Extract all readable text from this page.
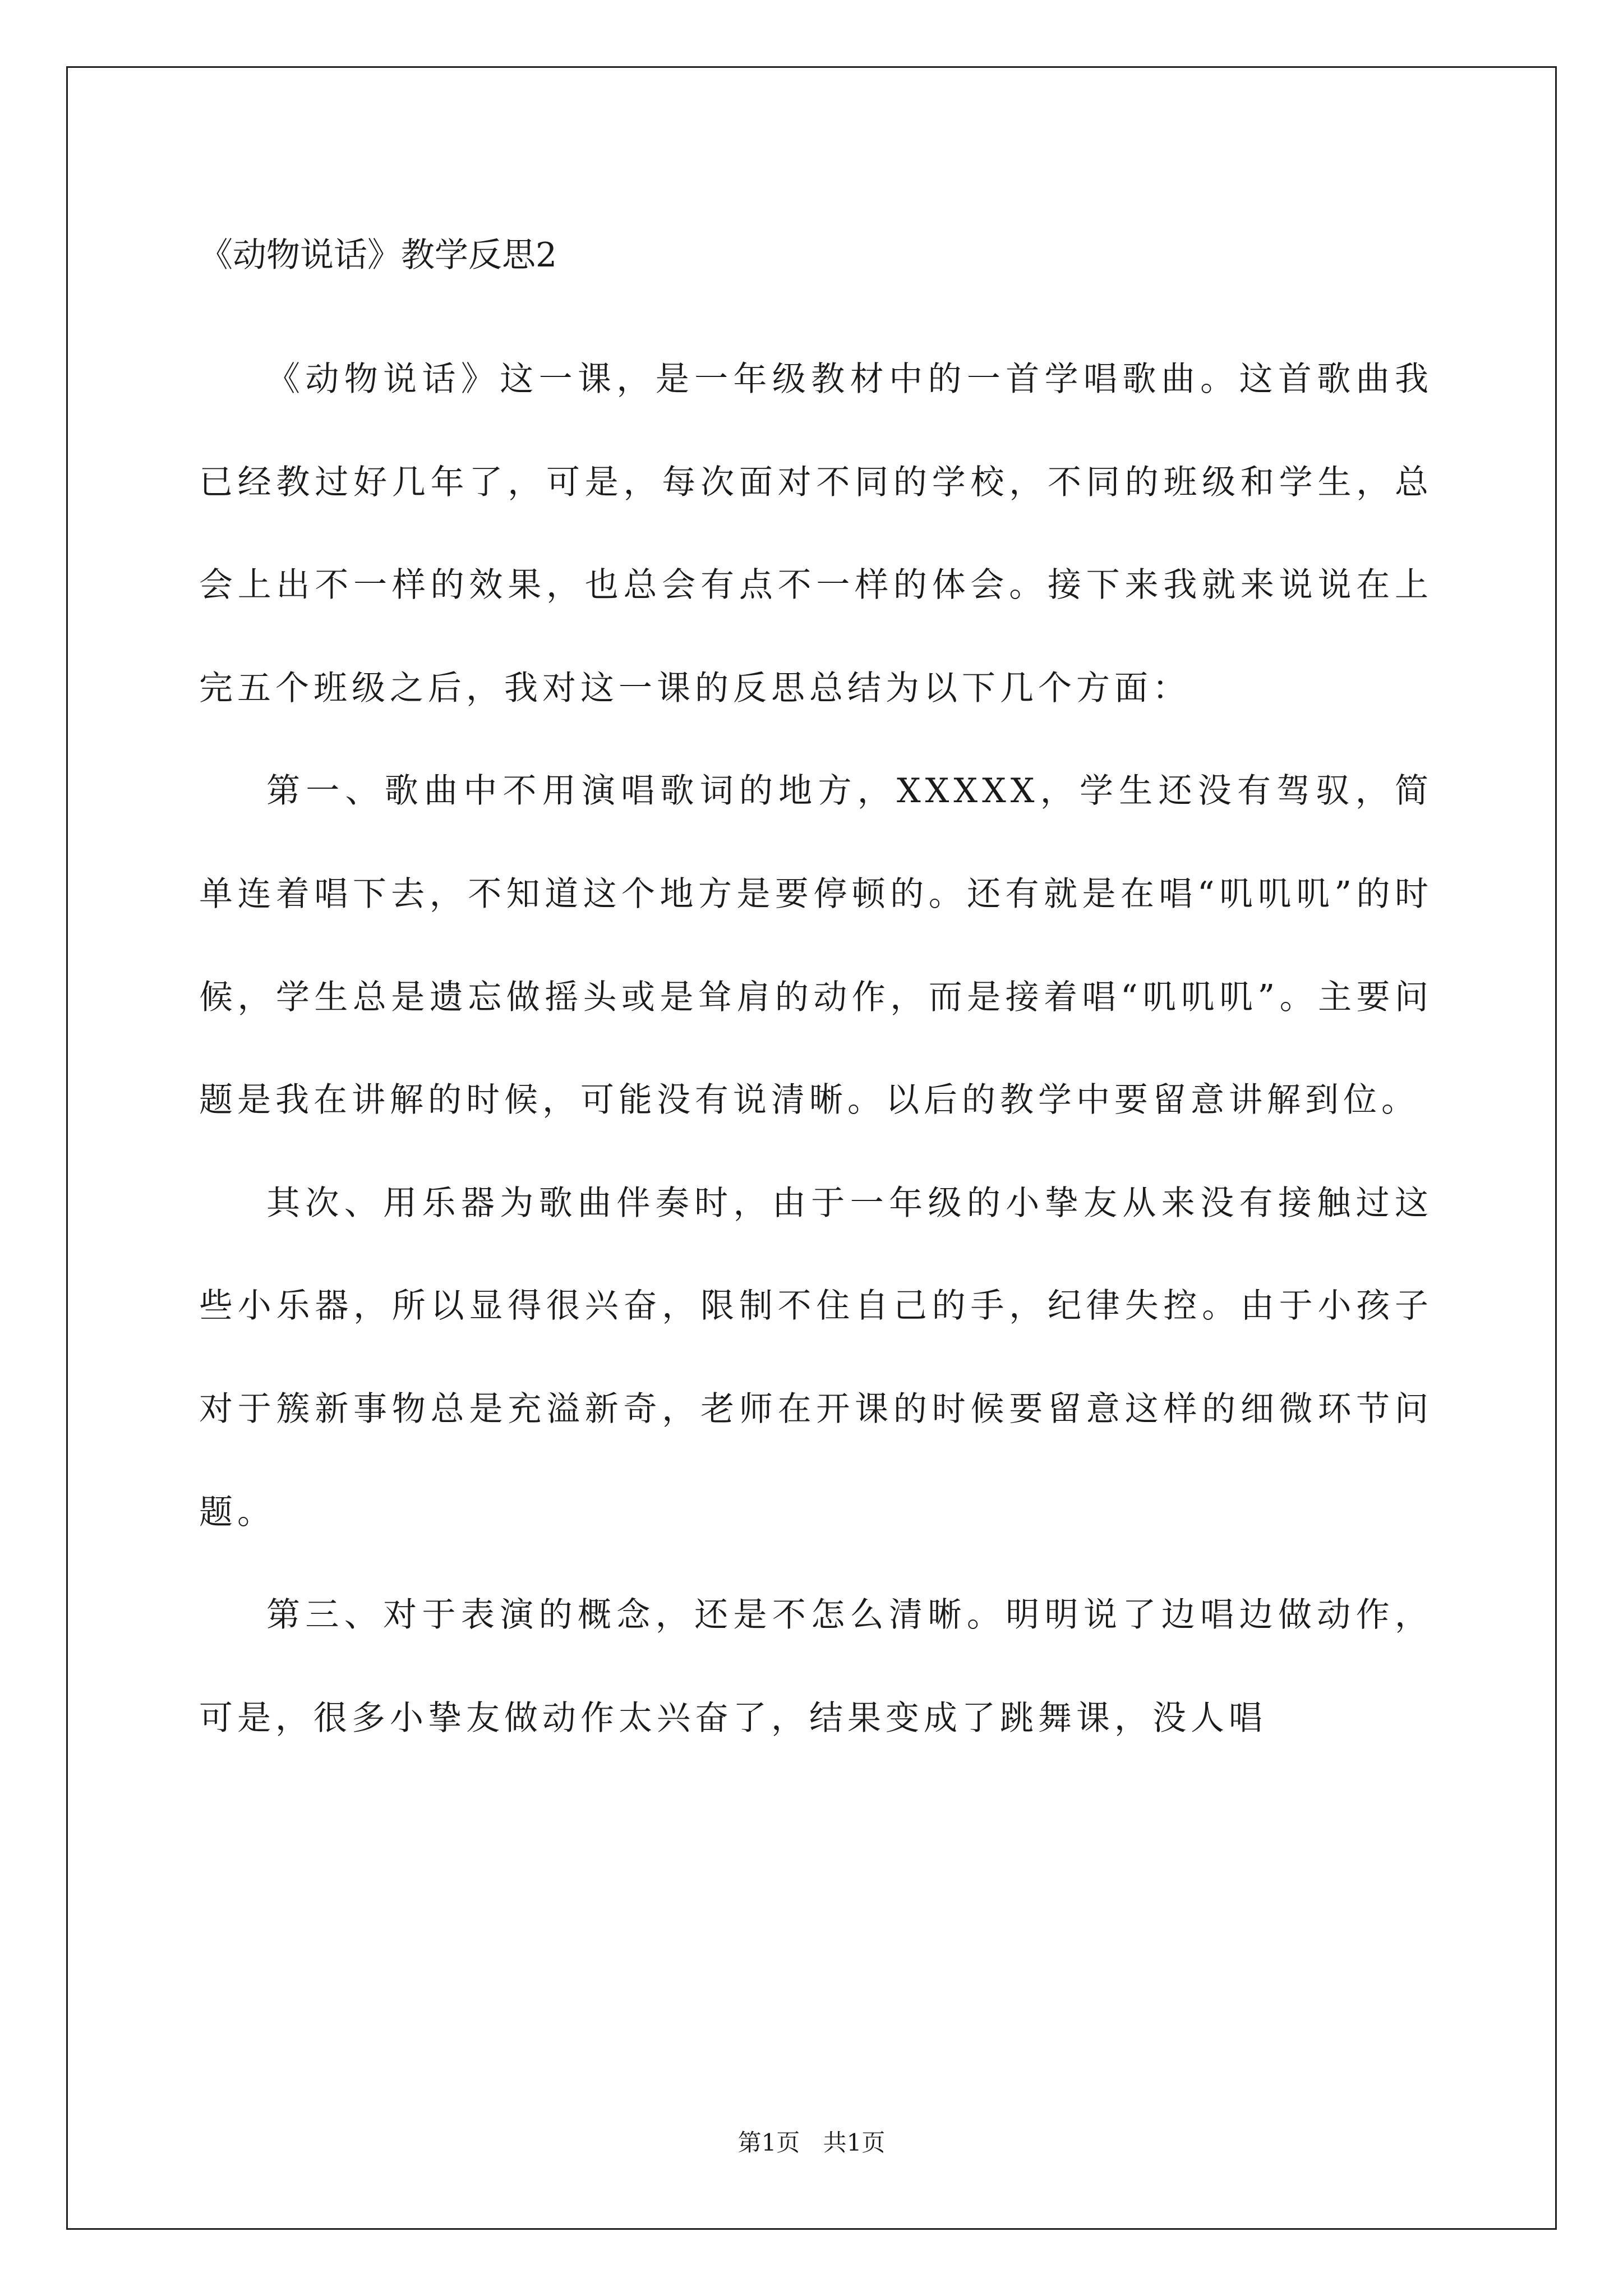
《动物说话》教学反思2

《动物说话》这一课，是一年级教材中的一首学唱歌曲。这首歌曲我已经教过好几年了，可是，每次面对不同的学校，不同的班级和学生，总会上出不一样的效果，也总会有点不一样的体会。接下来我就来说说在上完五个班级之后，我对这一课的反思总结为以下几个方面：

第一、歌曲中不用演唱歌词的地方，XXXXX，学生还没有驾驭，简单连着唱下去，不知道这个地方是要停顿的。还有就是在唱“叽叽叽”的时候，学生总是遗忘做摇头或是耸肩的动作，而是接着唱“叽叽叽”。主要问题是我在讲解的时候，可能没有说清晰。以后的教学中要留意讲解到位。

其次、用乐器为歌曲伴奏时，由于一年级的小挚友从来没有接触过这些小乐器，所以显得很兴奋，限制不住自己的手，纪律失控。由于小孩子对于簇新事物总是充溢新奇，老师在开课的时候要留意这样的细微环节问题。

第三、对于表演的概念，还是不怎么清晰。明明说了边唱边做动作，可是，很多小挚友做动作太兴奋了，结果变成了跳舞课，没人唱

第1页 共1页
